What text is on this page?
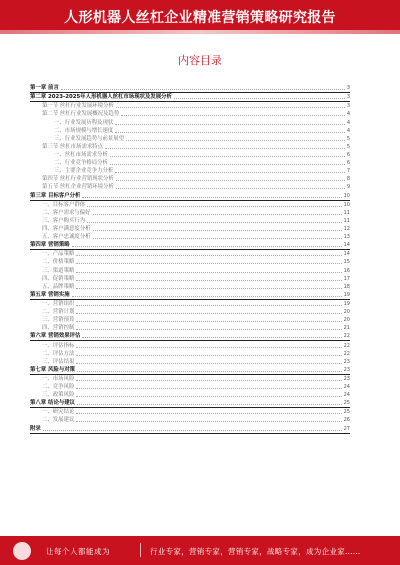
人形机器人丝杠企业精准营销策略研究报告
内容目录
第一章 前言	3
第二章 2023-2025年人形机器人丝杠市场现状及发展分析	3
第一节 丝杠行业发展环境分析	3
第二节 丝杠行业发展概况及趋势	4
一、行业发展历程及现状	4
二、市场规模与增长速度	4
三、行业发展趋势与前景展望	5
第三节 丝杠市场需求特点	5
一、丝杠市场需求分析	6
二、行业竞争格局分析	6
三、主要企业竞争力分析	7
第四节 丝杠行业营销现状分析	8
第五节 丝杠企业营销环境分析	9
第三章 目标客户分析	10
一、目标客户群体	10
二、客户需求与偏好	11
三、客户购买行为	11
四、客户满意度分析	12
五、客户忠诚度分析	13
第四章 营销策略	14
一、产品策略	14
二、价格策略	15
三、渠道策略	16
四、促销策略	17
五、品牌策略	18
第五章 营销实施	19
一、营销组织	19
二、营销计划	20
三、营销预算	20
四、营销控制	21
第六章 营销效果评估	22
一、评估指标	22
二、评估方法	22
三、评估结果	23
第七章 风险与对策	23
一、市场风险	23
二、竞争风险	24
三、政策风险	24
第八章 结论与建议	25
一、研究结论	25
二、发展建议	26
附录	27
让每个人都能成为	行业专家，营销专家，营销专家，战略专家，成为企业家……
